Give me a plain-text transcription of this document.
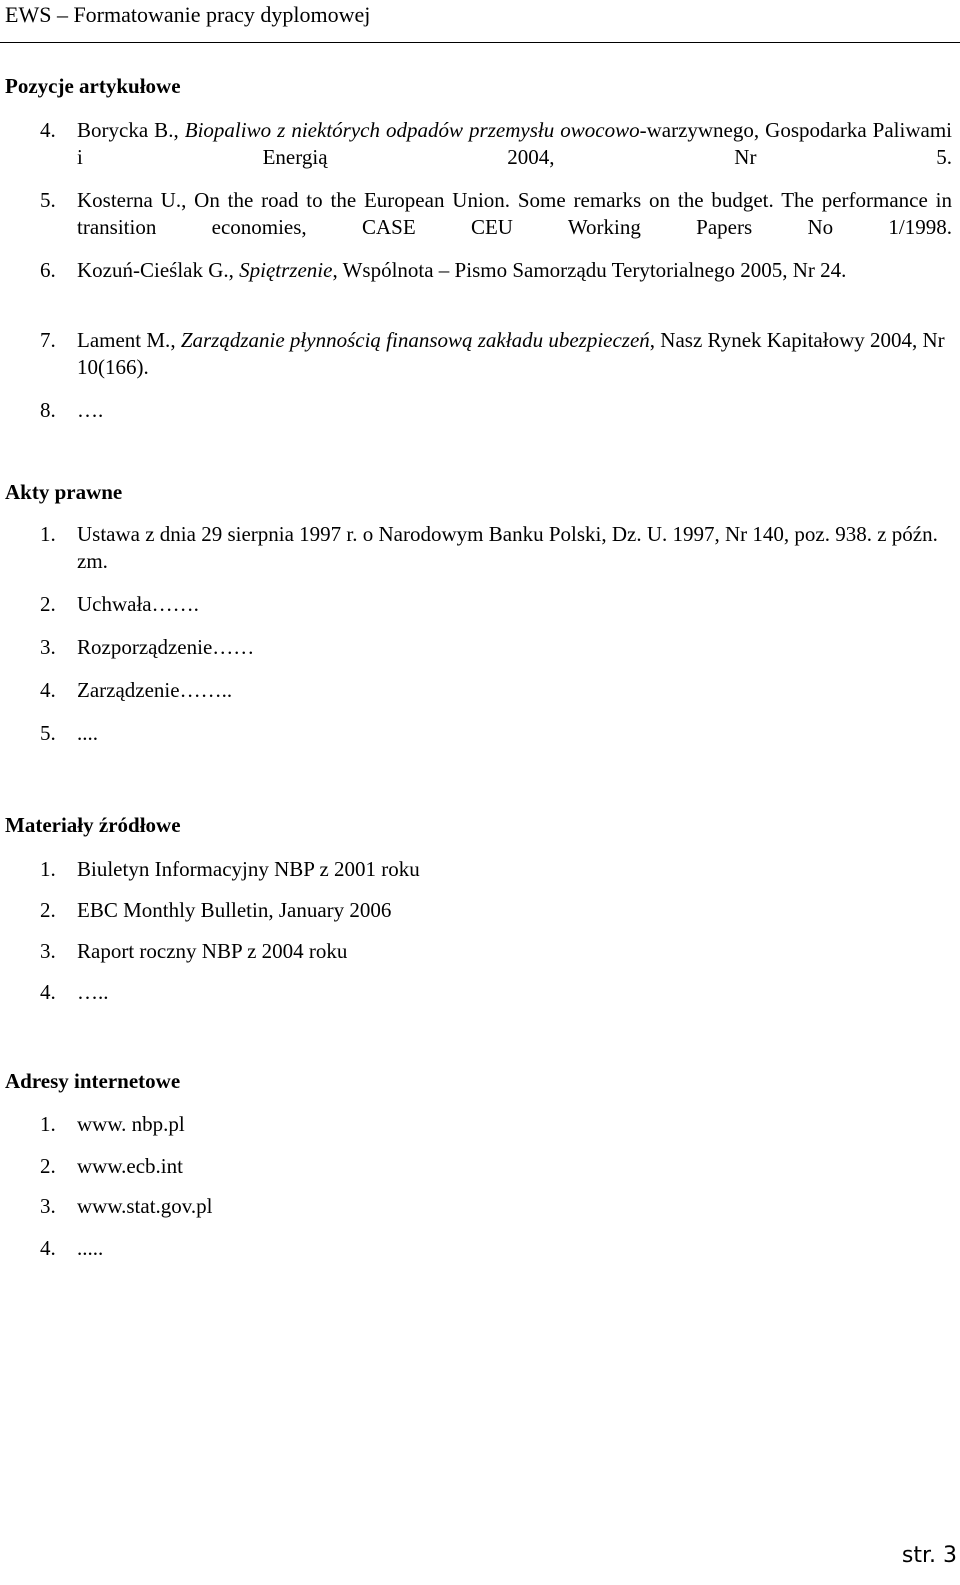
EWS – Formatowanie pracy dyplomowej
Pozycje artykułowe
4. Borycka B., Biopaliwo z niektórych odpadów przemysłu owocowo-warzywnego, Gospodarka Paliwami i Energią 2004, Nr 5.
5. Kosterna U., On the road to the European Union. Some remarks on the budget. The performance in transition economies, CASE CEU Working Papers No 1/1998.
6. Kozuń-Cieślak G., Spiętrzenie, Wspólnota – Pismo Samorządu Terytorialnego 2005, Nr 24.
7. Lament M., Zarządzanie płynnością finansową zakładu ubezpieczeń, Nasz Rynek Kapitałowy 2004, Nr 10(166).
8. ….
Akty prawne
1. Ustawa z dnia 29 sierpnia 1997 r. o Narodowym Banku Polski, Dz. U. 1997, Nr 140, poz. 938. z późn. zm.
2. Uchwała…….
3. Rozporządzenie……
4. Zarządzenie……..
5. ....
Materiały źródłowe
1. Biuletyn Informacyjny NBP z 2001 roku
2. EBC Monthly Bulletin, January 2006
3. Raport roczny NBP z 2004 roku
4. …..
Adresy internetowe
1. www. nbp.pl
2. www.ecb.int
3. www.stat.gov.pl
4. .....
str. 3
